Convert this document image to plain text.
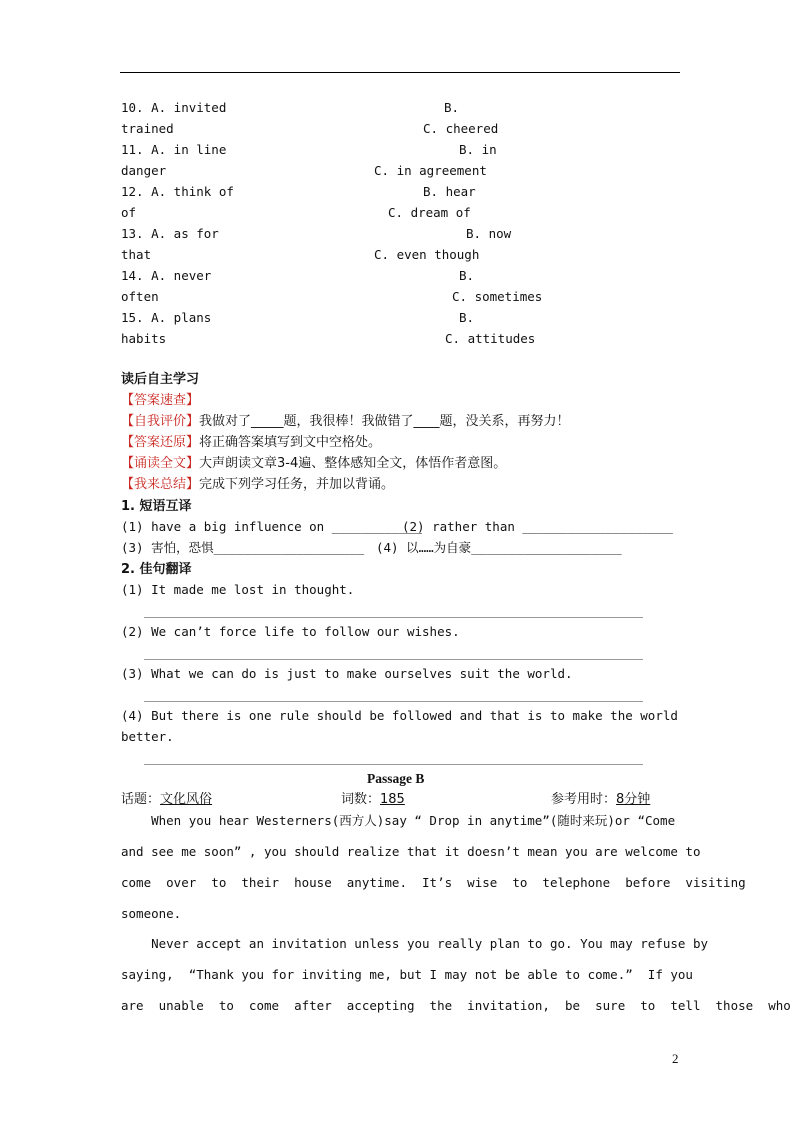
10. A. invited	B.
trained	C. cheered
11. A. in line	B. in
danger	C. in agreement
12. A. think of	B. hear
of	C. dream of
13. A. as for	B. now
that	C. even though
14. A. never	B.
often	C. sometimes
15. A. plans	B.
habits	C. attitudes
读后自主学习
【答案速查】
【自我评价】我做对了_____题，我很棒！我做错了____题，没关系，再努力！
【答案还原】将正确答案填写到文中空格处。
【诵读全文】大声朗读文章3-4遍、整体感知全文，体悟作者意图。
【我来总结】完成下列学习任务，并加以背诵。
1. 短语互译
(1) have a big influence on ____________
(2) rather than ____________________
(3) 害怕，恐惧____________________ (4) 以……为自豪____________________
2. 佳句翻译
(1) It made me lost in thought.
(2) We can’t force life to follow our wishes.
(3) What we can do is just to make ourselves suit the world.
(4) But there is one rule should be followed and that is to make the world
better.
Passage B
话题：文化风俗	词数：185	参考用时：8分钟
When you hear Westerners(西方人)say “ Drop in anytime”(随时来玩)or “Come
and see me soon” , you should realize that it doesn’t mean you are welcome to
come  over  to  their  house  anytime.  It’s  wise  to  telephone  before  visiting
someone.
Never accept an invitation unless you really plan to go. You may refuse by
saying,  “Thank you for inviting me, but I may not be able to come.”  If you
are  unable  to  come  after  accepting  the  invitation,  be  sure  to  tell  those  who
2
